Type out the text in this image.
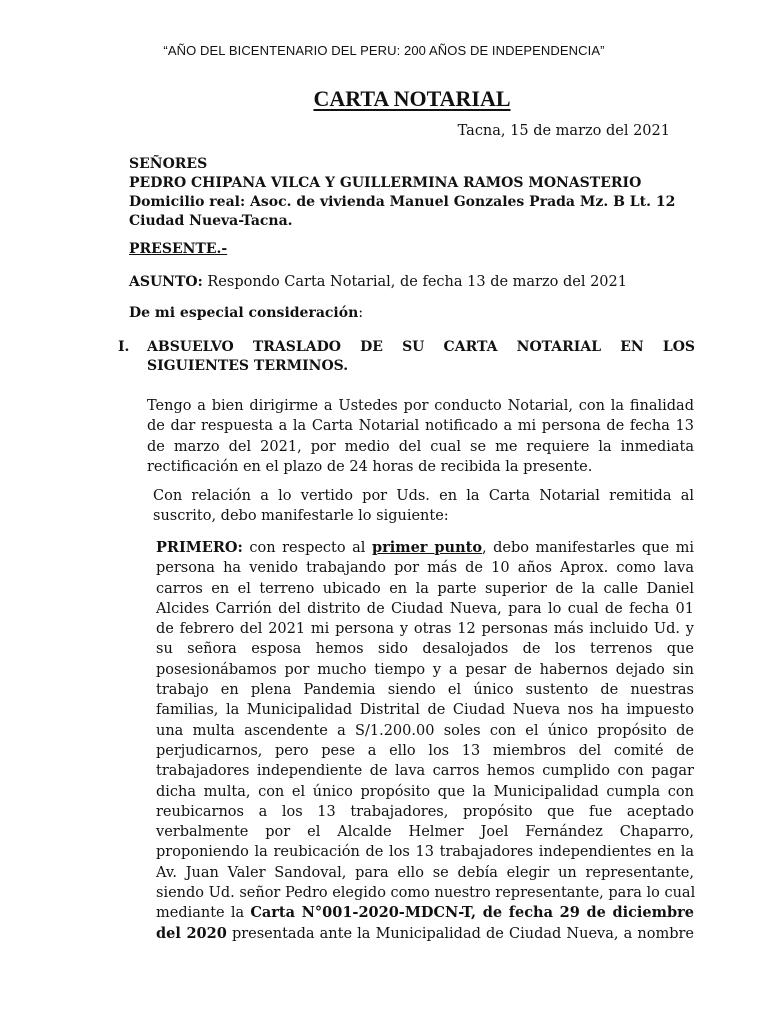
“AÑO DEL BICENTENARIO DEL PERU: 200 AÑOS DE INDEPENDENCIA”
CARTA NOTARIAL
Tacna, 15 de marzo del 2021
SEÑORES
PEDRO CHIPANA VILCA Y GUILLERMINA RAMOS MONASTERIO
Domicilio real: Asoc. de vivienda Manuel Gonzales Prada Mz. B Lt. 12
Ciudad Nueva-Tacna.
PRESENTE.-
ASUNTO: Respondo Carta Notarial, de fecha 13 de marzo del 2021
De mi especial consideración:
I. ABSUELVO TRASLADO DE SU CARTA NOTARIAL EN LOS
SIGUIENTES TERMINOS.
Tengo a bien dirigirme a Ustedes por conducto Notarial, con la finalidad
de dar respuesta a la Carta Notarial notificado a mi persona de fecha 13
de marzo del 2021, por medio del cual se me requiere la inmediata
rectificación en el plazo de 24 horas de recibida la presente.
Con relación a lo vertido por Uds. en la Carta Notarial remitida al
suscrito, debo manifestarle lo siguiente:
PRIMERO: con respecto al primer punto, debo manifestarles que mi
persona ha venido trabajando por más de 10 años Aprox. como lava
carros en el terreno ubicado en la parte superior de la calle Daniel
Alcides Carrión del distrito de Ciudad Nueva, para lo cual de fecha 01
de febrero del 2021 mi persona y otras 12 personas más incluido Ud. y
su señora esposa hemos sido desalojados de los terrenos que
posesionábamos por mucho tiempo y a pesar de habernos dejado sin
trabajo en plena Pandemia siendo el único sustento de nuestras
familias, la Municipalidad Distrital de Ciudad Nueva nos ha impuesto
una multa ascendente a S/1.200.00 soles con el único propósito de
perjudicarnos, pero pese a ello los 13 miembros del comité de
trabajadores independiente de lava carros hemos cumplido con pagar
dicha multa, con el único propósito que la Municipalidad cumpla con
reubicarnos a los 13 trabajadores, propósito que fue aceptado
verbalmente por el Alcalde Helmer Joel Fernández Chaparro,
proponiendo la reubicación de los 13 trabajadores independientes en la
Av. Juan Valer Sandoval, para ello se debía elegir un representante,
siendo Ud. señor Pedro elegido como nuestro representante, para lo cual
mediante la Carta N°001-2020-MDCN-T, de fecha 29 de diciembre
del 2020 presentada ante la Municipalidad de Ciudad Nueva, a nombre
